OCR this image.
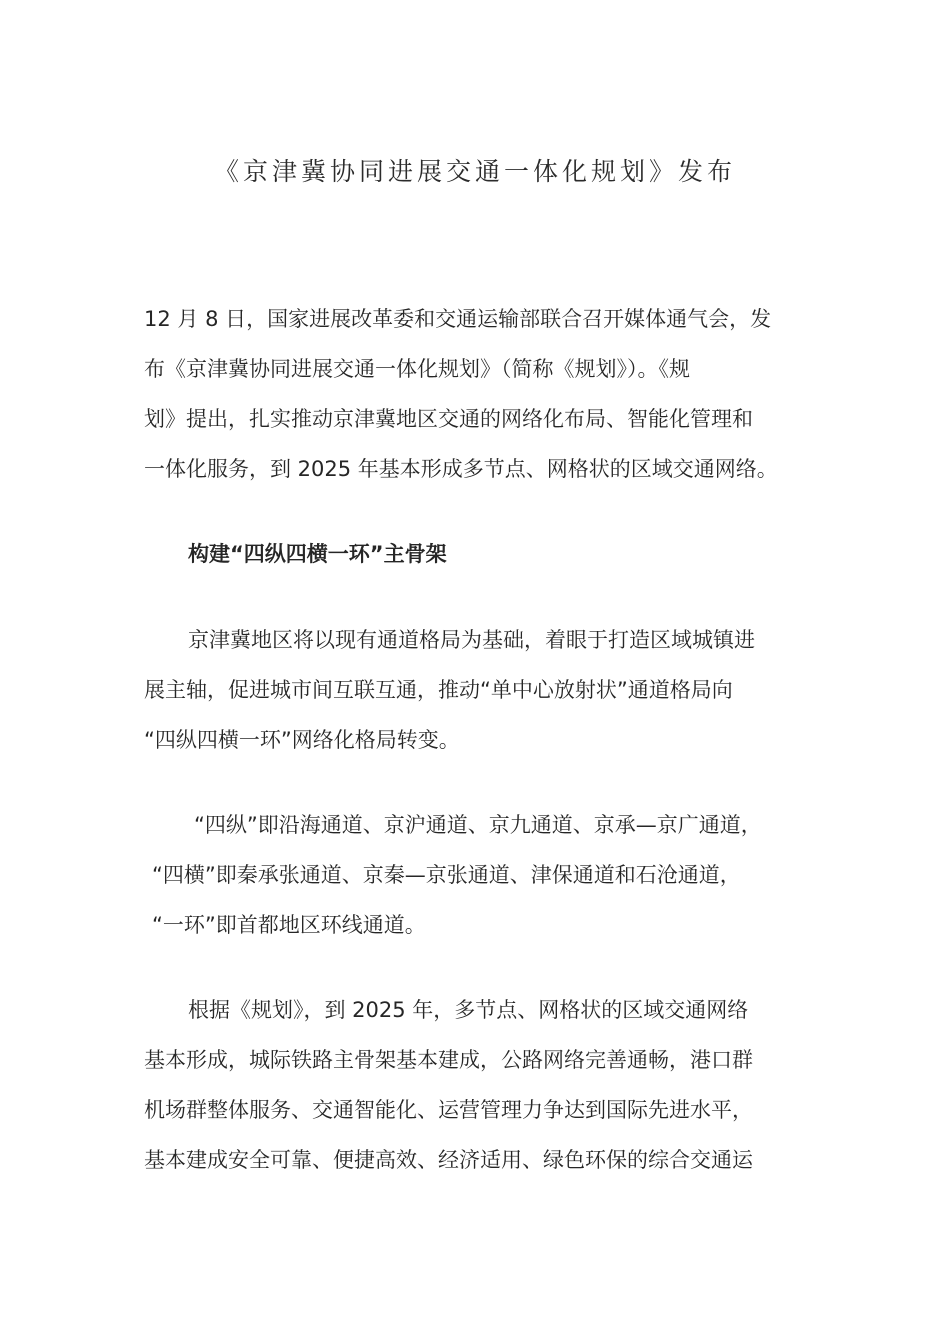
《京津冀协同进展交通一体化规划》发布
12 月 8 日，国家进展改革委和交通运输部联合召开媒体通气会，发
布《京津冀协同进展交通一体化规划》（简称《规划》）。《规
划》提出，扎实推动京津冀地区交通的网络化布局、智能化管理和
一体化服务，到 2025 年基本形成多节点、网格状的区域交通网络。
构建“四纵四横一环”主骨架
京津冀地区将以现有通道格局为基础，着眼于打造区域城镇进
展主轴，促进城市间互联互通，推动“单中心放射状”通道格局向
“四纵四横一环”网络化格局转变。
“四纵”即沿海通道、京沪通道、京九通道、京承—京广通道，
“四横”即秦承张通道、京秦—京张通道、津保通道和石沧通道，
“一环”即首都地区环线通道。
根据《规划》，到 2025 年，多节点、网格状的区域交通网络
基本形成，城际铁路主骨架基本建成，公路网络完善通畅，港口群
机场群整体服务、交通智能化、运营管理力争达到国际先进水平，
基本建成安全可靠、便捷高效、经济适用、绿色环保的综合交通运
